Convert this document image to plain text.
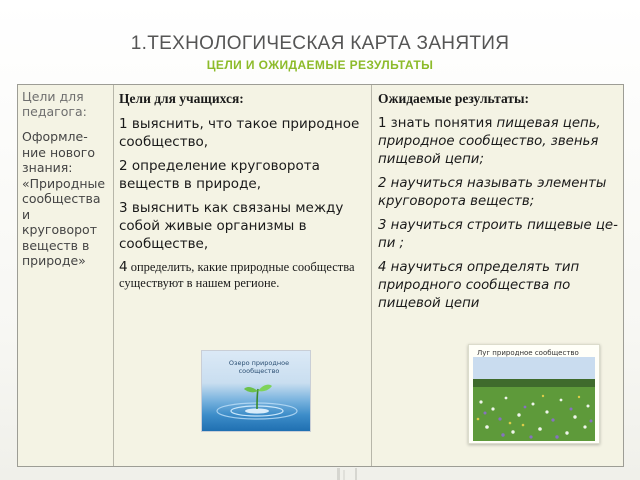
1.ТЕХНОЛОГИЧЕСКАЯ КАРТА ЗАНЯТИЯ
ЦЕЛИ И ОЖИДАЕМЫЕ РЕЗУЛЬТАТЫ
Цели для педагога:
Оформле-ние нового знания: «Природные сообщества и круговорот веществ в природе»
Цели для учащихся:
1 выяснить, что такое природное сообщество,
2 определение круговорота веществ в природе,
3 выяснить как связаны между собой живые организмы в сообществе,
4 определить, какие природные сообщества существуют в нашем регионе.
Ожидаемые результаты:
1 знать понятия пищевая цепь, природное сообщество, звенья пищевой цепи;
2 научиться называть элементы круговорота веществ;
3 научиться строить пищевые це-пи ;
4 научиться определять тип природного сообщества по пищевой цепи
Озеро природное сообщество
Луг природное сообщество
